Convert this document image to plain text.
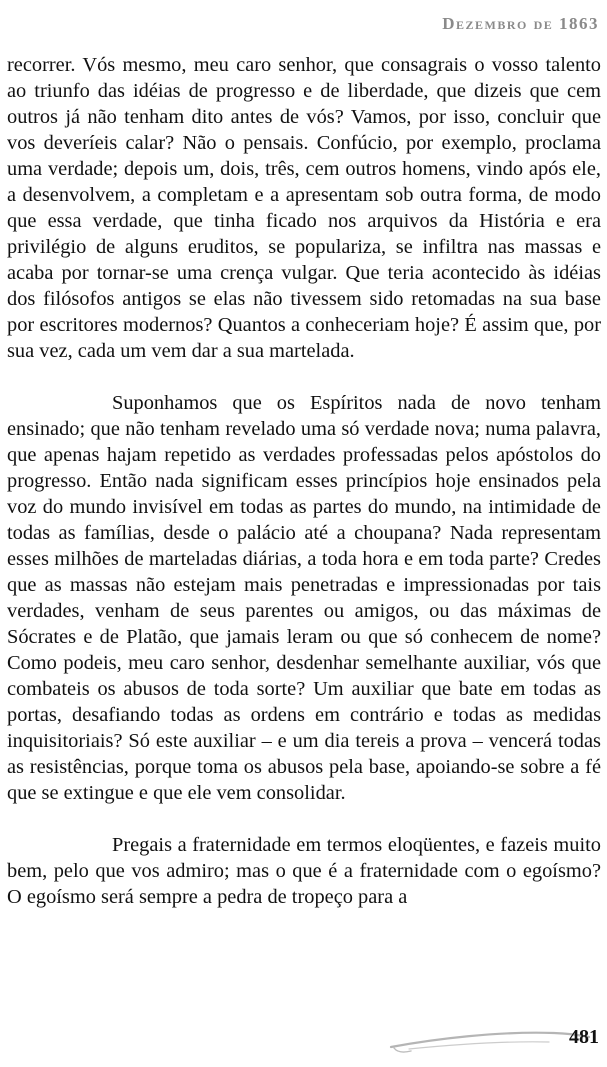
Dezembro de 1863

recorrer. Vós mesmo, meu caro senhor, que consagrais o vosso talento ao triunfo das idéias de progresso e de liberdade, que dizeis que cem outros já não tenham dito antes de vós? Vamos, por isso, concluir que vos deveríeis calar? Não o pensais. Confúcio, por exemplo, proclama uma verdade; depois um, dois, três, cem outros homens, vindo após ele, a desenvolvem, a completam e a apresentam sob outra forma, de modo que essa verdade, que tinha ficado nos arquivos da História e era privilégio de alguns eruditos, se populariza, se infiltra nas massas e acaba por tornar-se uma crença vulgar. Que teria acontecido às idéias dos filósofos antigos se elas não tivessem sido retomadas na sua base por escritores modernos? Quantos a conheceriam hoje? É assim que, por sua vez, cada um vem dar a sua martelada.

Suponhamos que os Espíritos nada de novo tenham ensinado; que não tenham revelado uma só verdade nova; numa palavra, que apenas hajam repetido as verdades professadas pelos apóstolos do progresso. Então nada significam esses princípios hoje ensinados pela voz do mundo invisível em todas as partes do mundo, na intimidade de todas as famílias, desde o palácio até a choupana? Nada representam esses milhões de marteladas diárias, a toda hora e em toda parte? Credes que as massas não estejam mais penetradas e impressionadas por tais verdades, venham de seus parentes ou amigos, ou das máximas de Sócrates e de Platão, que jamais leram ou que só conhecem de nome? Como podeis, meu caro senhor, desdenhar semelhante auxiliar, vós que combateis os abusos de toda sorte? Um auxiliar que bate em todas as portas, desafiando todas as ordens em contrário e todas as medidas inquisitoriais? Só este auxiliar – e um dia tereis a prova – vencerá todas as resistências, porque toma os abusos pela base, apoiando-se sobre a fé que se extingue e que ele vem consolidar.

Pregais a fraternidade em termos eloqüentes, e fazeis muito bem, pelo que vos admiro; mas o que é a fraternidade com o egoísmo? O egoísmo será sempre a pedra de tropeço para a

481
